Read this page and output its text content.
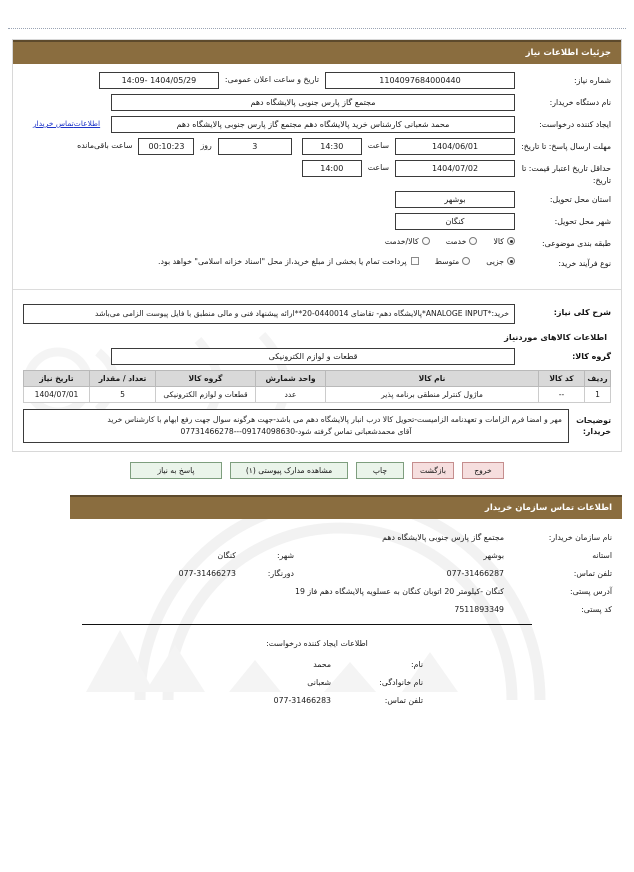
جزئیات اطلاعات نیاز
شماره نیاز:
1104097684000440
تاریخ و ساعت اعلان عمومی:
1404/05/29 -14:09
نام دستگاه خریدار:
مجتمع گاز پارس جنوبی پالایشگاه دهم
ایجاد کننده درخواست:
محمد شعبانی کارشناس خرید پالایشگاه دهم مجتمع گاز پارس جنوبی پالایشگاه دهم
اطلاعات
تماس خریدار
مهلت ارسال پاسخ: تا تاریخ:
1404/06/01
ساعت
14:30
3
روز
00:10:23
ساعت باقی‌مانده
حداقل تاریخ اعتبار قیمت: تا تاریخ:
1404/07/02
ساعت
14:00
استان محل تحویل:
بوشهر
شهر محل تحویل:
کنگان
طبقه بندی موضوعی:
کالا
خدمت
کالا/خدمت
نوع فرآیند خرید:
جزیی
متوسط
پرداخت تمام یا بخشی از مبلغ خرید،از محل "اسناد خزانه اسلامی" خواهد بود.
شرح کلی نیاز:
خرید:*ANALOGE INPUT*پالایشگاه دهم- تقاضای 0440014-20**ارائه پیشنهاد فنی و مالی منطبق با فایل پیوست الزامی می‌باشد
اطلاعات کالاهای موردنیاز
گروه کالا:
قطعات و لوازم الکترونیکی
ردیف	کد کالا	نام کالا	واحد شمارش	گروه کالا	تعداد / مقدار	تاریخ نیاز
1	--	ماژول کنترلر منطقی برنامه پذیر	عدد	قطعات و لوازم الکترونیکی	5	1404/07/01
توضیحات خریدار:
مهر و امضا فرم الزامات و تعهدنامه الزامیست-تحویل کالا درب انبار پالایشگاه دهم می باشد-جهت هرگونه سوال جهت رفع ابهام با کارشناس خرید
آقای محمدشعبانی تماس گرفته شود-09174098630---07731466278
خروج
بازگشت
چاپ
مشاهده مدارک پیوستی (۱)
پاسخ به نیاز
اطلاعات تماس سازمان خریدار
نام سازمان خریدار:
مجتمع گاز پارس جنوبی پالایشگاه دهم
استانه
بوشهر
شهر:
کنگان
تلفن تماس:
077-31466287
دورنگار:
077-31466273
آدرس پستی:
کنگان -کیلومتر 20 اتوبان کنگان به عسلویه پالایشگاه دهم فاز 19
کد پستی:
7511893349
اطلاعات ایجاد کننده درخواست:
نام:
محمد
نام خانوادگی:
شعبانی
تلفن تماس:
077-31466283
